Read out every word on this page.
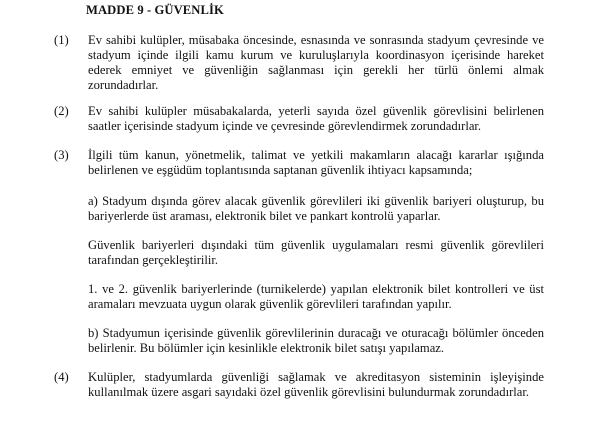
MADDE 9 - GÜVENLİK
(1)	Ev sahibi kulüpler, müsabaka öncesinde, esnasında ve sonrasında stadyum çevresinde ve stadyum içinde ilgili kamu kurum ve kuruluşlarıyla koordinasyon içerisinde hareket ederek emniyet ve güvenliğin sağlanması için gerekli her türlü önlemi almak zorundadırlar.
(2)	Ev sahibi kulüpler müsabakalarda, yeterli sayıda özel güvenlik görevlisini belirlenen saatler içerisinde stadyum içinde ve çevresinde görevlendirmek zorundadırlar.
(3)	İlgili tüm kanun, yönetmelik, talimat ve yetkili makamların alacağı kararlar ışığında belirlenen ve eşgüdüm toplantısında saptanan güvenlik ihtiyacı kapsamında;

a) Stadyum dışında görev alacak güvenlik görevlileri iki güvenlik bariyeri oluşturup, bu bariyerlerde üst araması, elektronik bilet ve pankart kontrolü yaparlar.

Güvenlik bariyerleri dışındaki tüm güvenlik uygulamaları resmi güvenlik görevlileri tarafından gerçekleştirilir.

1. ve 2. güvenlik bariyerlerinde (turnikelerde) yapılan elektronik bilet kontrolleri ve üst aramaları mevzuata uygun olarak güvenlik görevlileri tarafından yapılır.

b) Stadyumun içerisinde güvenlik görevlilerinin duracağı ve oturacağı bölümler önceden belirlenir. Bu bölümler için kesinlikle elektronik bilet satışı yapılamaz.

(4)	Kulüpler, stadyumlarda güvenliği sağlamak ve akreditasyon sisteminin işleyişinde kullanılmak üzere asgari sayıdaki özel güvenlik görevlisini bulundurmak zorundadırlar.
